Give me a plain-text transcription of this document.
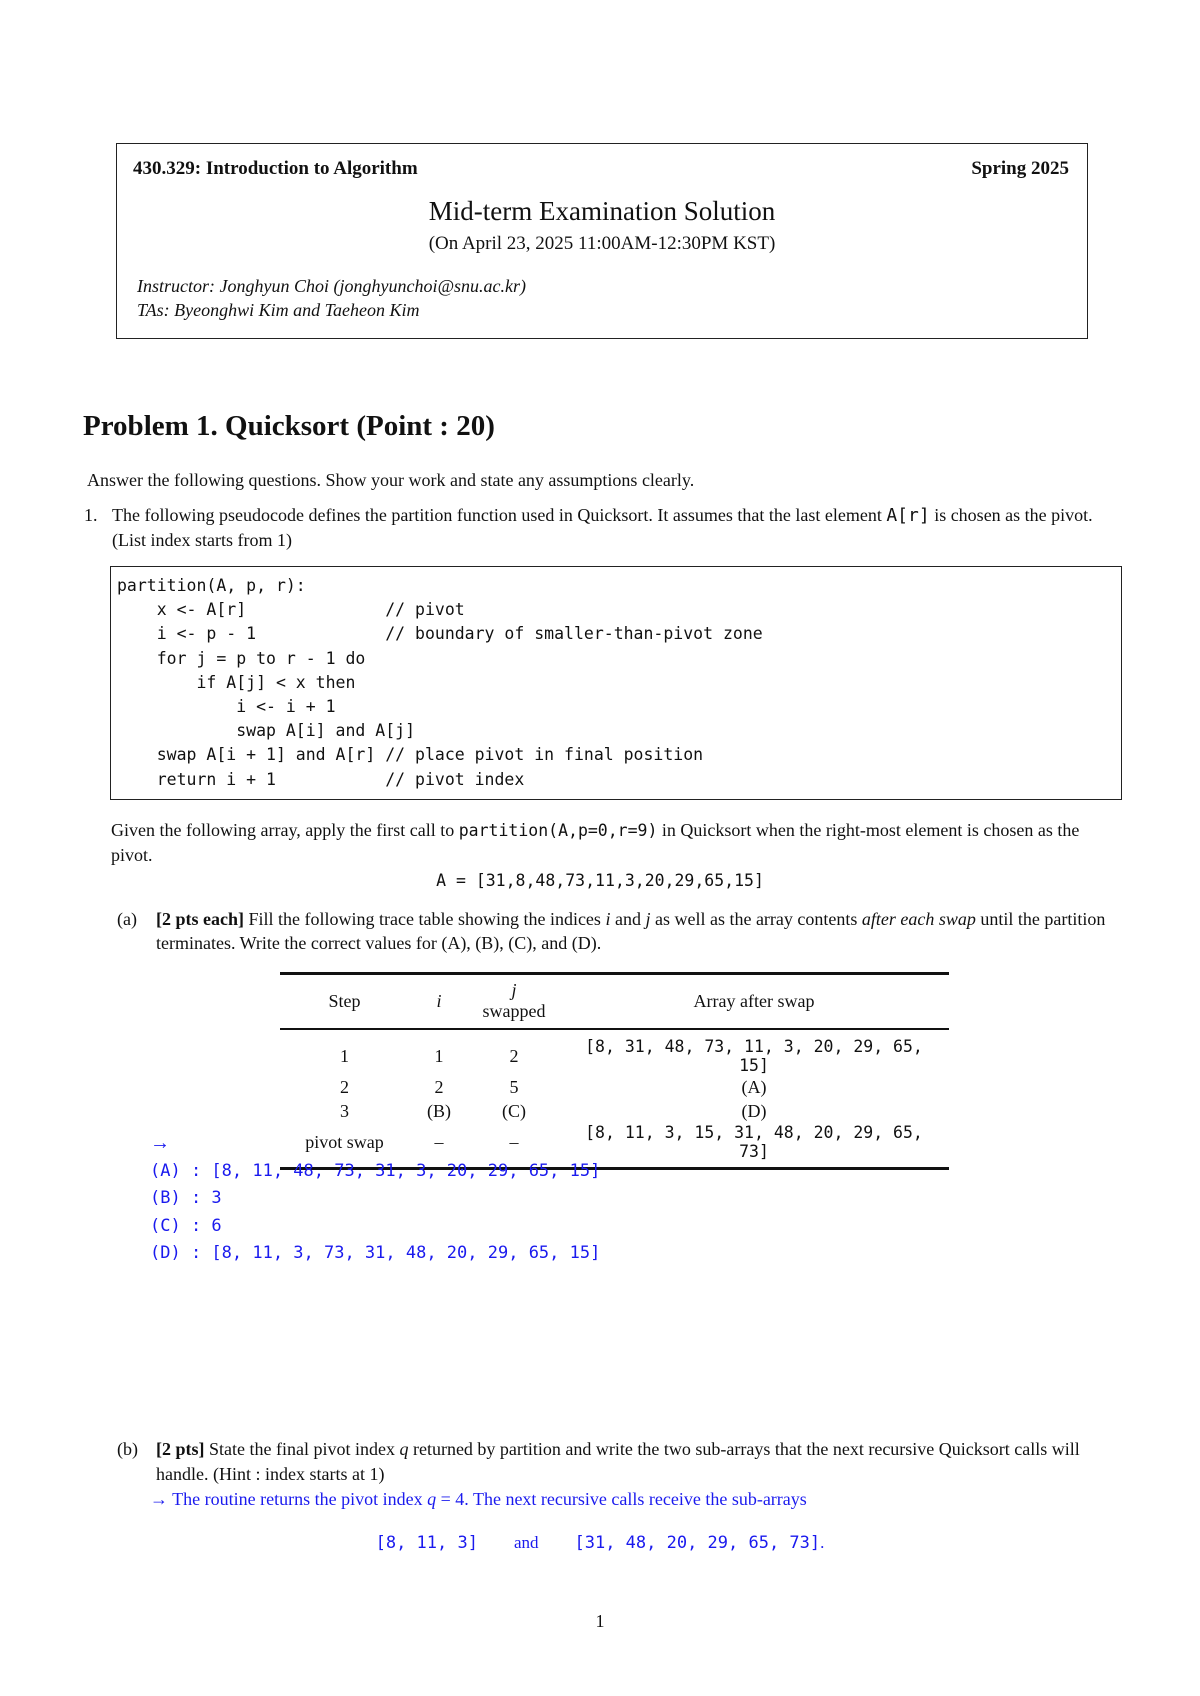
430.329: Introduction to Algorithm	Spring 2025
Mid-term Examination Solution
(On April 23, 2025 11:00AM-12:30PM KST)
Instructor: Jonghyun Choi (jonghyunchoi@snu.ac.kr)
TAs: Byeonghwi Kim and Taeheon Kim
Problem 1. Quicksort (Point : 20)
Answer the following questions. Show your work and state any assumptions clearly.
1. The following pseudocode defines the partition function used in Quicksort. It assumes that the last element A[r] is chosen as the pivot. (List index starts from 1)
partition(A, p, r):
x <- A[r]              // pivot
i <- p - 1             // boundary of smaller-than-pivot zone
for j = p to r - 1 do
if A[j] < x then
i <- i + 1
swap A[i] and A[j]
swap A[i + 1] and A[r] // place pivot in final position
return i + 1           // pivot index
Given the following array, apply the first call to partition(A,p=0,r=9) in Quicksort when the right-most element is chosen as the pivot.
A = [31,8,48,73,11,3,20,29,65,15]
(a) [2 pts each] Fill the following trace table showing the indices i and j as well as the array contents after each swap until the partition terminates. Write the correct values for (A), (B), (C), and (D).
Step	i	j swapped	Array after swap
1	1	2	[8, 31, 48, 73, 11, 3, 20, 29, 65, 15]
2	2	5	(A)
3	(B)	(C)	(D)
pivot swap	–	–	[8, 11, 3, 15, 31, 48, 20, 29, 65, 73]
→
(A) : [8, 11, 48, 73, 31, 3, 20, 29, 65, 15]
(B) : 3
(C) : 6
(D) : [8, 11, 3, 73, 31, 48, 20, 29, 65, 15]
(b) [2 pts] State the final pivot index q returned by partition and write the two sub-arrays that the next recursive Quicksort calls will handle. (Hint : index starts at 1)
→ The routine returns the pivot index q = 4. The next recursive calls receive the sub-arrays
[8, 11, 3] and [31, 48, 20, 29, 65, 73].
1
